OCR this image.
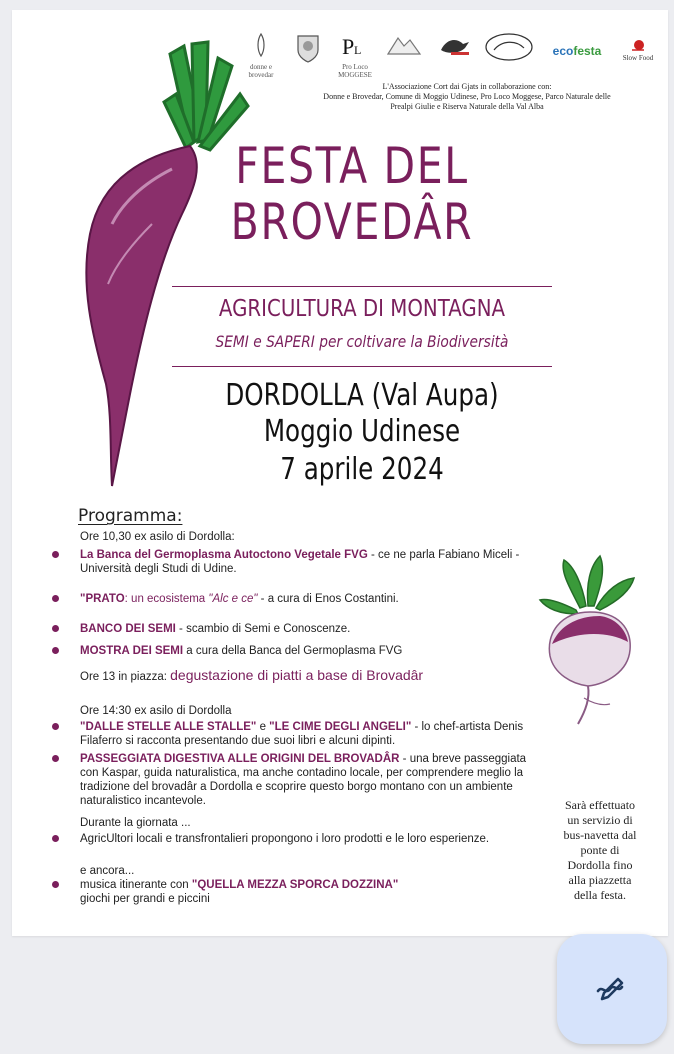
donne e brovedar
P L
Pro Loco MOGGESE
ecofesta	Slow Food
L'Associazione Cort dai Gjats in collaborazione con:
Donne e Brovedar, Comune di Moggio Udinese, Pro Loco Moggese, Parco Naturale delle
Prealpi Giulie e Riserva Naturale della Val Alba
FESTA DEL
BROVEDÂR
AGRICULTURA DI MONTAGNA
SEMI e SAPERI per coltivare la Biodiversità
DORDOLLA (Val Aupa)
Moggio Udinese
7 aprile 2024
Programma:
Ore 10,30 ex asilo di Dordolla:
La Banca del Germoplasma Autoctono Vegetale FVG - ce ne parla Fabiano Miceli - Università degli Studi di Udine.
"PRATO: un ecosistema "Alc e ce" - a cura di Enos Costantini.
BANCO DEI SEMI - scambio di Semi e Conoscenze.
MOSTRA DEI SEMI a cura della Banca del Germoplasma FVG
Ore 13 in piazza: degustazione di piatti a base di Brovadâr
Ore 14:30 ex asilo di Dordolla
"DALLE STELLE ALLE STALLE" e "LE CIME DEGLI ANGELI" - lo chef-artista Denis Filaferro si racconta presentando due suoi libri e alcuni dipinti.
PASSEGGIATA DIGESTIVA ALLE ORIGINI DEL BROVADÂR - una breve passeggiata con Kaspar, guida naturalistica, ma anche contadino locale, per comprendere meglio la tradizione del brovadâr a Dordolla e scoprire questo borgo montano con un ambiente naturalistico incantevole.
Durante la giornata ...
AgricUltori locali e transfrontalieri propongono i loro prodotti e le loro esperienze.
e ancora...
musica itinerante con "QUELLA MEZZA SPORCA DOZZINA"
giochi per grandi e piccini
Sarà effettuato
un servizio di
bus-navetta dal
ponte di
Dordolla fino
alla piazzetta
della festa.
